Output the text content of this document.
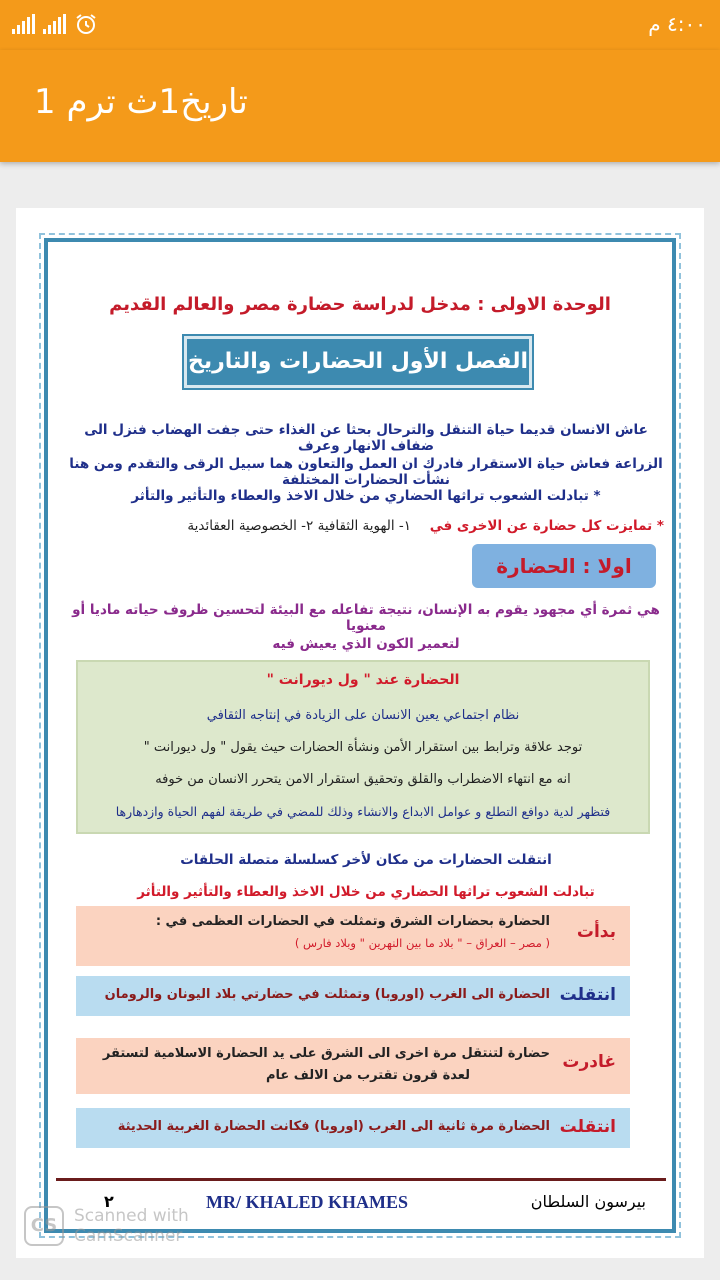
٤:٠٠ م
تاريخ1ث ترم 1
الوحدة الاولى : مدخل لدراسة حضارة مصر والعالم القديم
الفصل الأول الحضارات والتاريخ
عاش الانسان قديما حياة التنقل والترحال بحثا عن الغذاء حتى جفت الهضاب فنزل الى ضفاف الانهار وعرف
الزراعة فعاش حياة الاستقرار فادرك ان العمل والتعاون هما سبيل الرقى والتقدم ومن هنا نشأت الحضارات المختلفة
* تبادلت الشعوب تراثها الحضاري من خلال الاخذ والعطاء والتأثير والتأثر
* تمايزت كل حضارة عن الاخرى في ١- الهوية الثقافية ٢- الخصوصية العقائدية
اولا : الحضارة
هي ثمرة أي مجهود يقوم به الإنسان، نتيجة تفاعله مع البيئة لتحسين ظروف حياته ماديا أو معنويا
لتعمير الكون الذي يعيش فيه
الحضارة عند " ول ديورانت "
نظام اجتماعي يعين الانسان على الزيادة في إنتاجه الثقافي
توجد علاقة وترابط بين استقرار الأمن ونشأة الحضارات حيث يقول " ول ديورانت "
انه مع انتهاء الاضطراب والقلق وتحقيق استقرار الامن يتحرر الانسان من خوفه
فتظهر لدية دوافع التطلع و عوامل الابداع والانشاء وذلك للمضي في طريقة لفهم الحياة وازدهارها
انتقلت الحضارات من مكان لأخر كسلسلة متصلة الحلقات
تبادلت الشعوب تراثها الحضاري من خلال الاخذ والعطاء والتأثير والتأثر
بدأت
الحضارة بحضارات الشرق وتمثلت في الحضارات العظمى في :
( مصر – العراق – " بلاد ما بين النهرين " وبلاد فارس )
انتقلت
الحضارة الى الغرب (اوروبا) وتمثلت في حضارتي بلاد اليونان والرومان
غادرت
حضارة لتنتقل مرة اخرى الى الشرق على يد الحضارة الاسلامية لتستقر
لعدة قرون تقترب من الالف عام
انتقلت
الحضارة مرة ثانية الى الغرب (اوروبا) فكانت الحضارة الغربية الحديثة
بيرسون السلطان
MR/ KHALED KHAMES
٢
CS Scanned with
CamScanner
